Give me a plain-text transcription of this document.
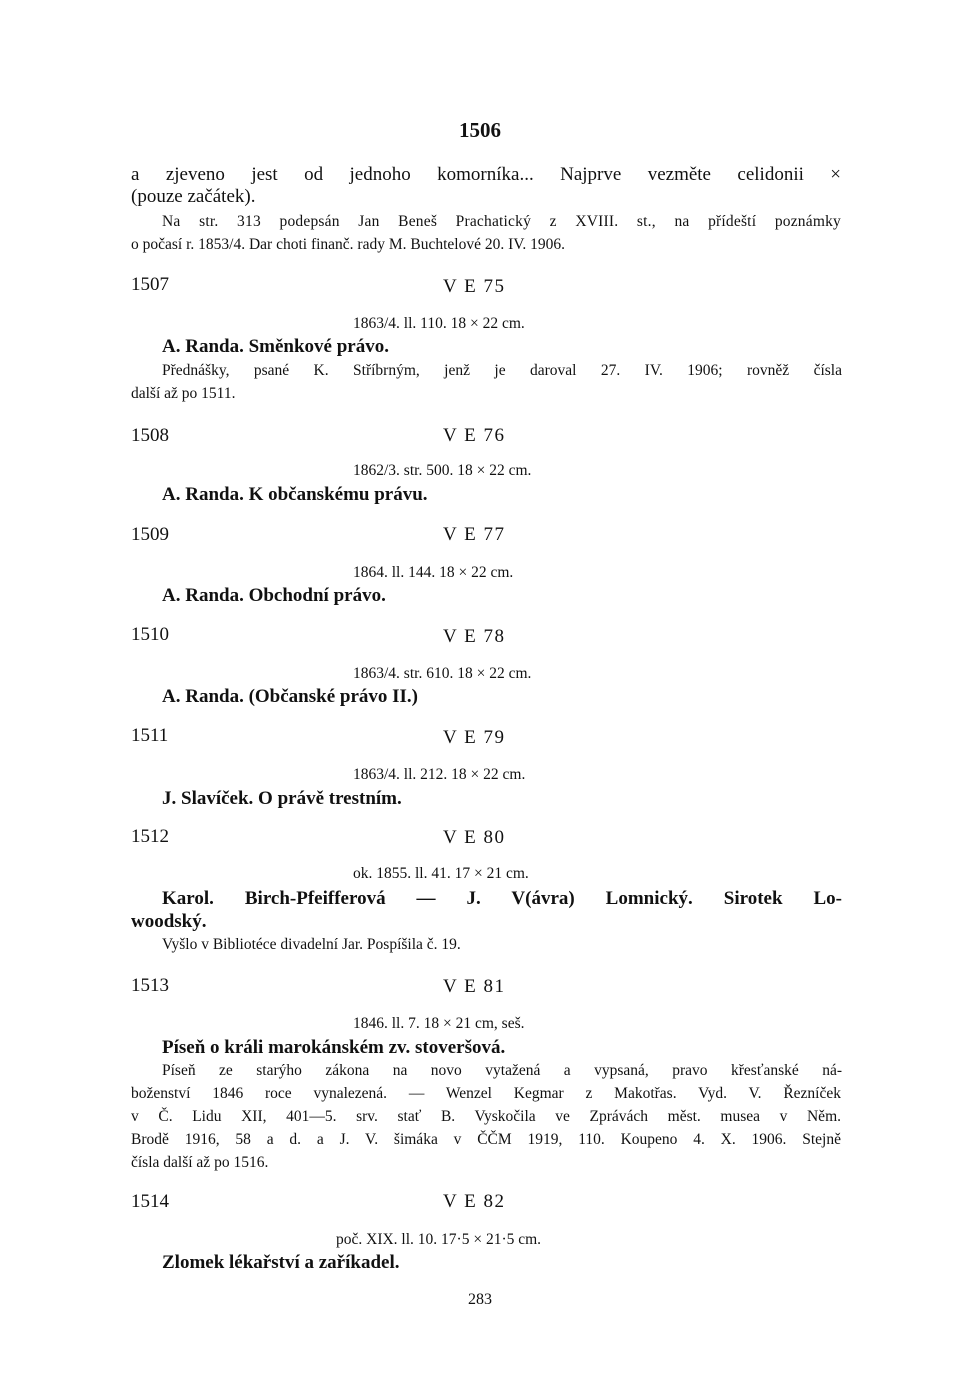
1506
a zjeveno jest od jednoho komorníka... Najprve vezměte celidonii ×
(pouze začátek).
Na str. 313 podepsán Jan Beneš Prachatický z XVIII. st., na přídeští poznámky
o počasí r. 1853/4. Dar choti finanč. rady M. Buchtelové 20. IV. 1906.
1507	V E 75
1863/4. ll. 110. 18 × 22 cm.
A. Randa. Směnkové právo.
Přednášky, psané K. Stříbrným, jenž je daroval 27. IV. 1906; rovněž čísla
další až po 1511.
1508	V E 76
1862/3. str. 500. 18 × 22 cm.
A. Randa. K občanskému právu.
1509	V E 77
1864. ll. 144. 18 × 22 cm.
A. Randa. Obchodní právo.
1510	V E 78
1863/4. str. 610. 18 × 22 cm.
A. Randa. (Občanské právo II.)
1511	V E 79
1863/4. ll. 212. 18 × 22 cm.
J. Slavíček. O právě trestním.
1512	V E 80
ok. 1855. ll. 41. 17 × 21 cm.
Karol. Birch-Pfeifferová — J. V(ávra) Lomnický. Sirotek Lo-
woodský.
Vyšlo v Bibliotéce divadelní Jar. Pospíšila č. 19.
1513	V E 81
1846. ll. 7. 18 × 21 cm, seš.
Píseň o králi marokánském zv. stoveršová.
Píseň ze starýho zákona na novo vytažená a vypsaná, pravo křesťanské ná-
boženství 1846 roce vynalezená. — Wenzel Kegmar z Makotřas. Vyd. V. Řezníček
v Č. Lidu XII, 401—5. srv. stať B. Vyskočila ve Zprávách měst. musea v Něm.
Brodě 1916, 58 a d. a J. V. šimáka v ČČM 1919, 110. Koupeno 4. X. 1906. Stejně
čísla další až po 1516.
1514	V E 82
poč. XIX. ll. 10. 17·5 × 21·5 cm.
Zlomek lékařství a zaříkadel.
283
